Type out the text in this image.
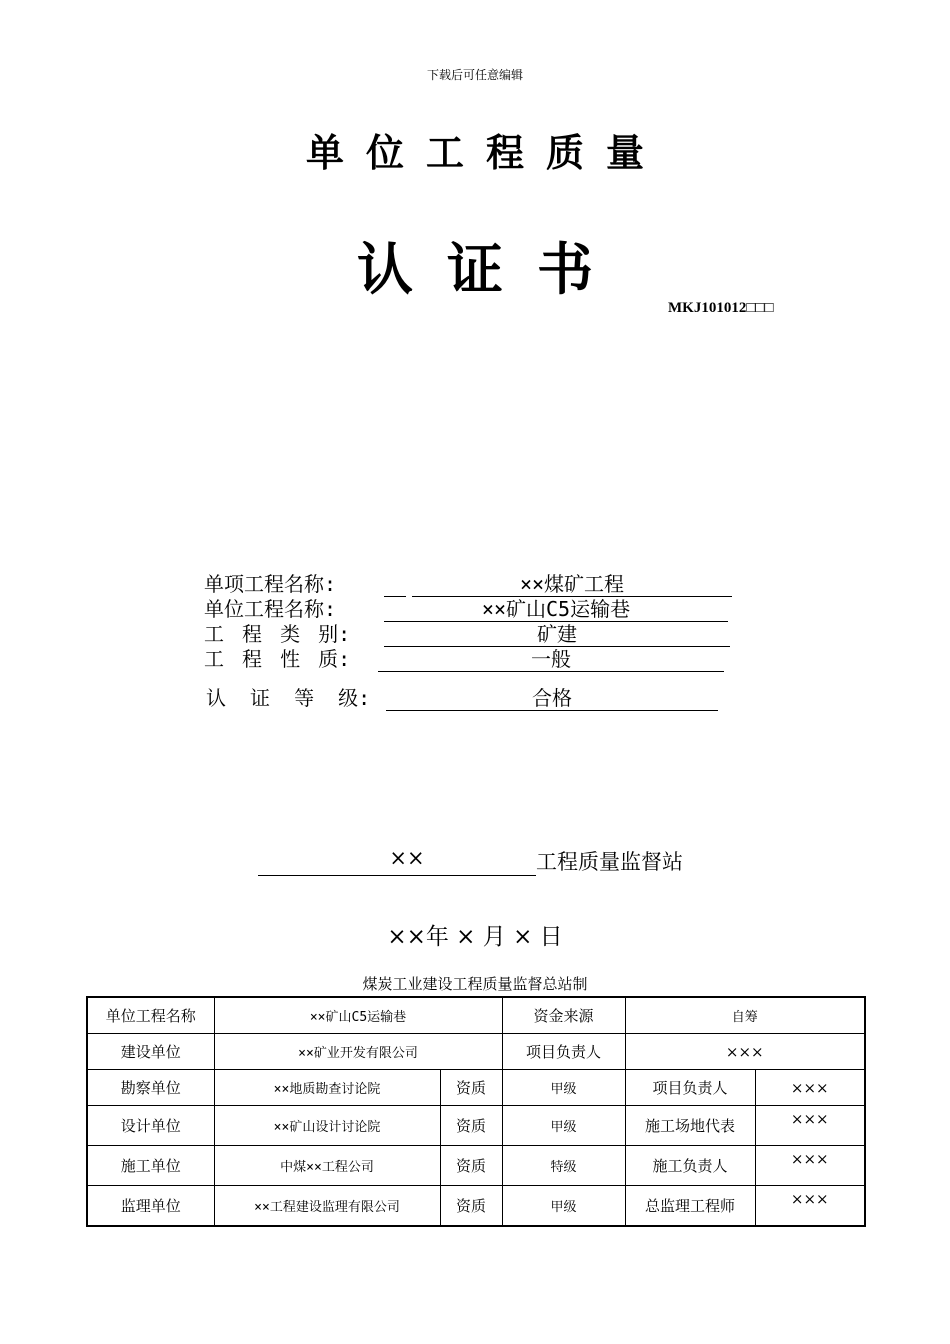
下载后可任意编辑
单位工程质量
认证书
MKJ101012□□□
单项工程名称:	××煤矿工程
单位工程名称:	××矿山C5运输巷
工 程 类 别:	矿建
工 程 性 质:	一般
认 证 等 级:	合格
××	工程质量监督站
××年 × 月 × 日
煤炭工业建设工程质量监督总站制
单位工程名称	××矿山C5运输巷		资金来源	自筹	
建设单位	××矿业开发有限公司		项目负责人	×××	
勘察单位	××地质勘查讨论院	资质	甲级	项目负责人	×××
设计单位	××矿山设计讨论院	资质	甲级	施工场地代表	×××
施工单位	中煤××工程公司	资质	特级	施工负责人	×××
监理单位	××工程建设监理有限公司	资质	甲级	总监理工程师	×××
